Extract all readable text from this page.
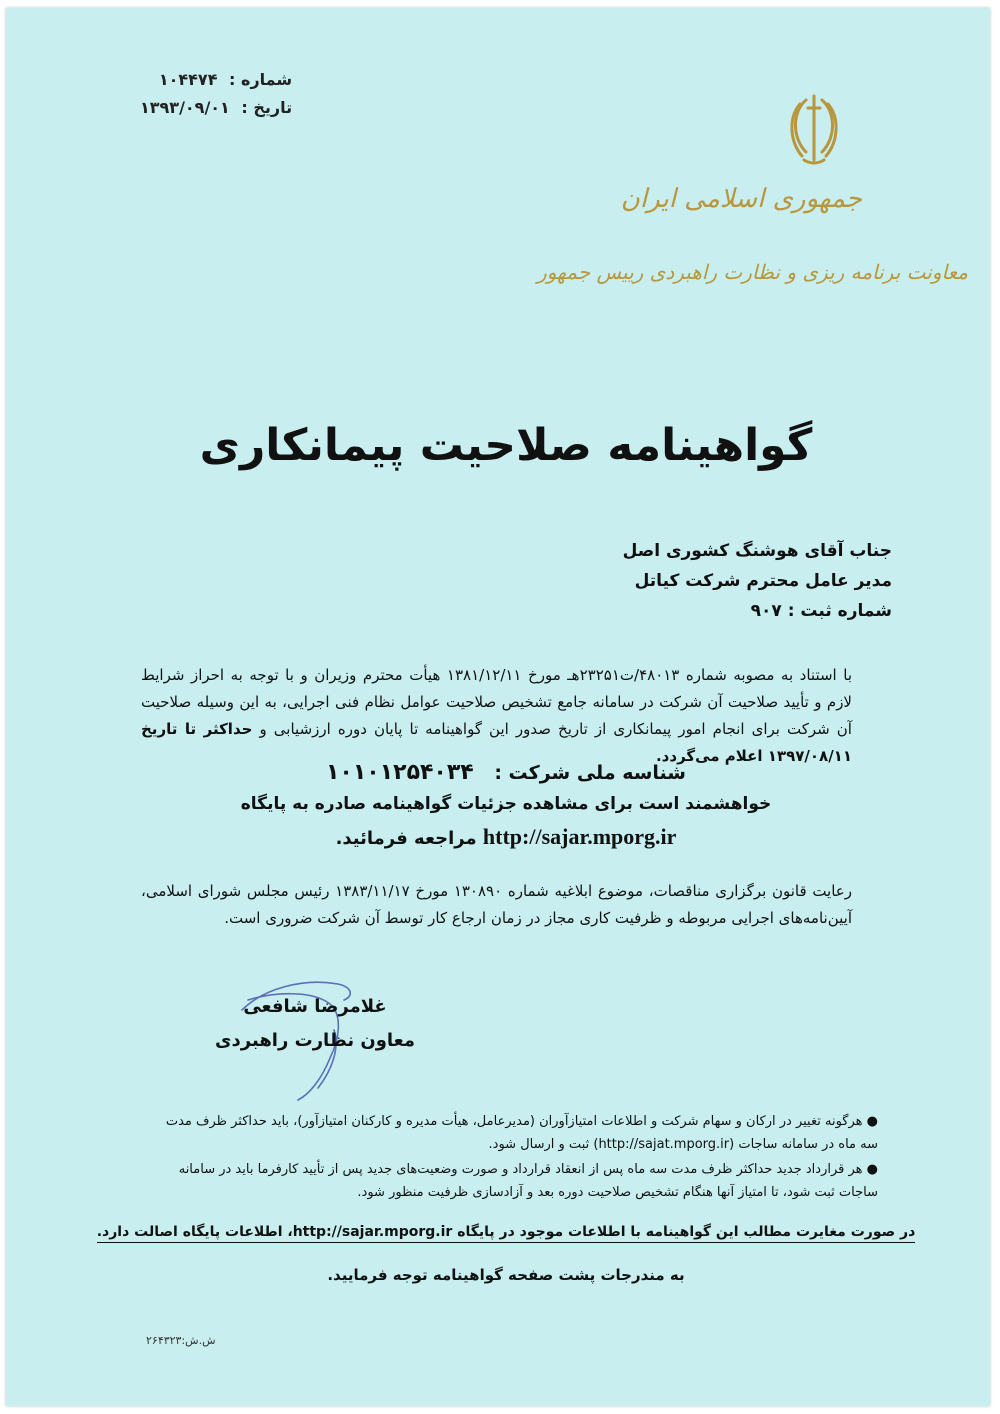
شماره : ۱۰۴۴۷۴
تاریخ : ۱۳۹۳/۰۹/۰۱
جمهوری اسلامی ایران
معاونت برنامه ریزی و نظارت راهبردی رییس جمهور
گواهینامه صلاحیت پیمانکاری
جناب آقای هوشنگ کشوری اصل
مدیر عامل محترم شرکت کیاتل
شماره ثبت : ۹۰۷
با استناد به مصوبه شماره ۴۸۰۱۳/ت۲۳۲۵۱هـ مورخ ۱۳۸۱/۱۲/۱۱ هیأت محترم وزیران و با توجه به احراز شرایط لازم و تأیید صلاحیت آن شرکت در سامانه جامع تشخیص صلاحیت عوامل نظام فنی اجرایی، به این وسیله صلاحیت آن شرکت برای انجام امور پیمانکاری از تاریخ صدور این گواهینامه تا پایان دوره ارزشیابی و حداکثر تا تاریخ ۱۳۹۷/۰۸/۱۱ اعلام می‌گردد.
شناسه ملی شرکت : ۱۰۱۰۱۲۵۴۰۳۴
خواهشمند است برای مشاهده جزئیات گواهینامه صادره به پایگاه
http://sajar.mporg.ir مراجعه فرمائید.
رعایت قانون برگزاری مناقصات، موضوع ابلاغیه شماره ۱۳۰۸۹۰ مورخ ۱۳۸۳/۱۱/۱۷ رئیس مجلس شورای اسلامی، آیین‌نامه‌های اجرایی مربوطه و ظرفیت کاری مجاز در زمان ارجاع کار توسط آن شرکت ضروری است.
غلامرضا شافعی
معاون نظارت راهبردی
● هرگونه تغییر در ارکان و سهام شرکت و اطلاعات امتیازآوران (مدیرعامل، هیأت مدیره و کارکنان امتیازآور)، باید حداکثر ظرف مدت سه ماه در سامانه ساجات (http://sajat.mporg.ir) ثبت و ارسال شود.
● هر قرارداد جدید حداکثر ظرف مدت سه ماه پس از انعقاد قرارداد و صورت وضعیت‌های جدید پس از تأیید کارفرما باید در سامانه ساجات ثبت شود، تا امتیاز آنها هنگام تشخیص صلاحیت دوره بعد و آزادسازی ظرفیت منظور شود.
در صورت مغایرت مطالب این گواهینامه با اطلاعات موجود در پایگاه http://sajar.mporg.ir، اطلاعات پایگاه اصالت دارد.
به مندرجات پشت صفحه گواهینامه توجه فرمایید.
ش.ش:۲۶۴۳۲۳
